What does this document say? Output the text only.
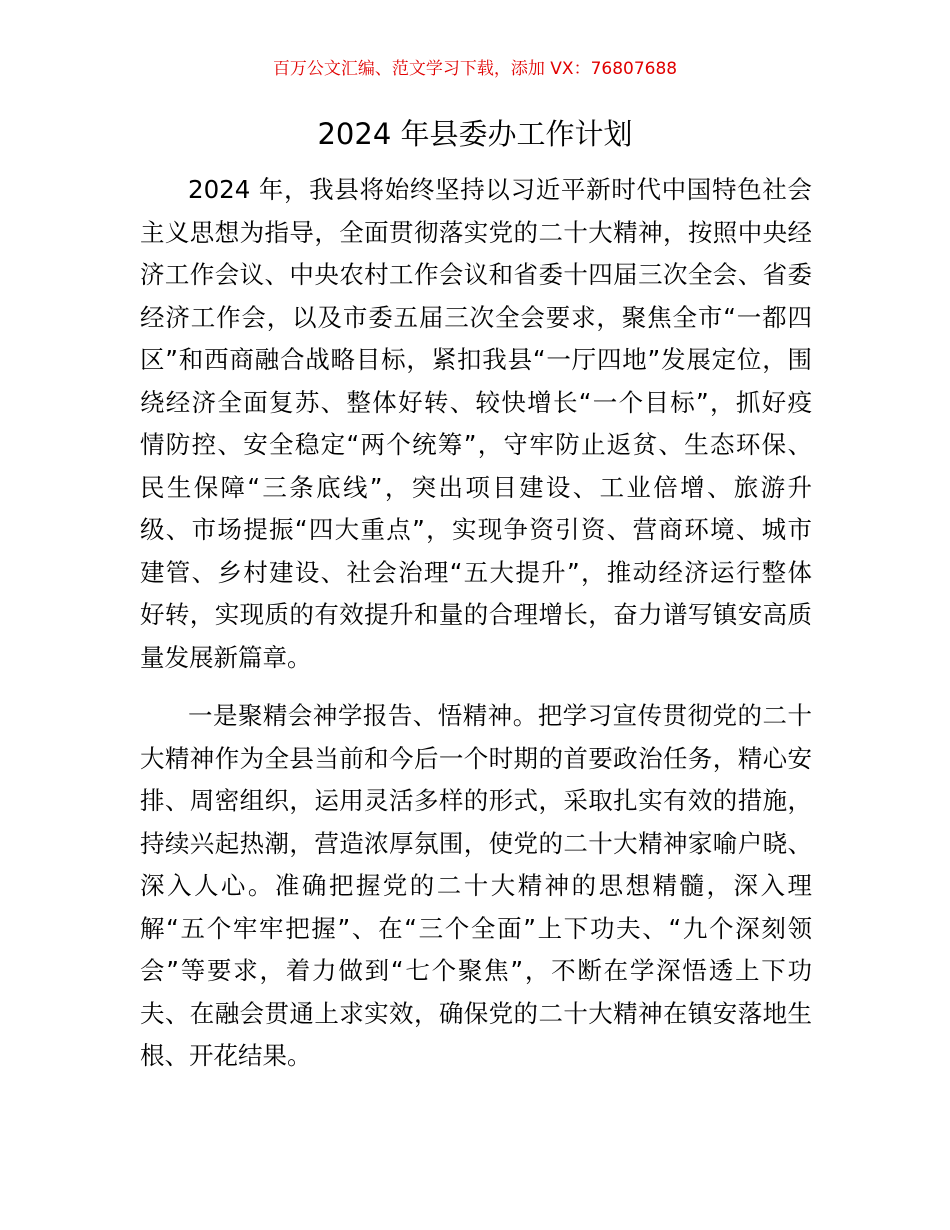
百万公文汇编、范文学习下载，添加 VX：76807688
2024 年县委办工作计划
2024 年，我县将始终坚持以习近平新时代中国特色社会
主义思想为指导，全面贯彻落实党的二十大精神，按照中央经
济工作会议、中央农村工作会议和省委十四届三次全会、省委
经济工作会，以及市委五届三次全会要求，聚焦全市“一都四
区”和西商融合战略目标，紧扣我县“一厅四地”发展定位，围
绕经济全面复苏、整体好转、较快增长“一个目标”，抓好疫
情防控、安全稳定“两个统筹”，守牢防止返贫、生态环保、
民生保障“三条底线”，突出项目建设、工业倍增、旅游升
级、市场提振“四大重点”，实现争资引资、营商环境、城市
建管、乡村建设、社会治理“五大提升”，推动经济运行整体
好转，实现质的有效提升和量的合理增长，奋力谱写镇安高质
量发展新篇章。
一是聚精会神学报告、悟精神。把学习宣传贯彻党的二十
大精神作为全县当前和今后一个时期的首要政治任务，精心安
排、周密组织，运用灵活多样的形式，采取扎实有效的措施，
持续兴起热潮，营造浓厚氛围，使党的二十大精神家喻户晓、
深入人心。准确把握党的二十大精神的思想精髓，深入理
解“五个牢牢把握”、在“三个全面”上下功夫、“九个深刻领
会”等要求，着力做到“七个聚焦”，不断在学深悟透上下功
夫、在融会贯通上求实效，确保党的二十大精神在镇安落地生
根、开花结果。
